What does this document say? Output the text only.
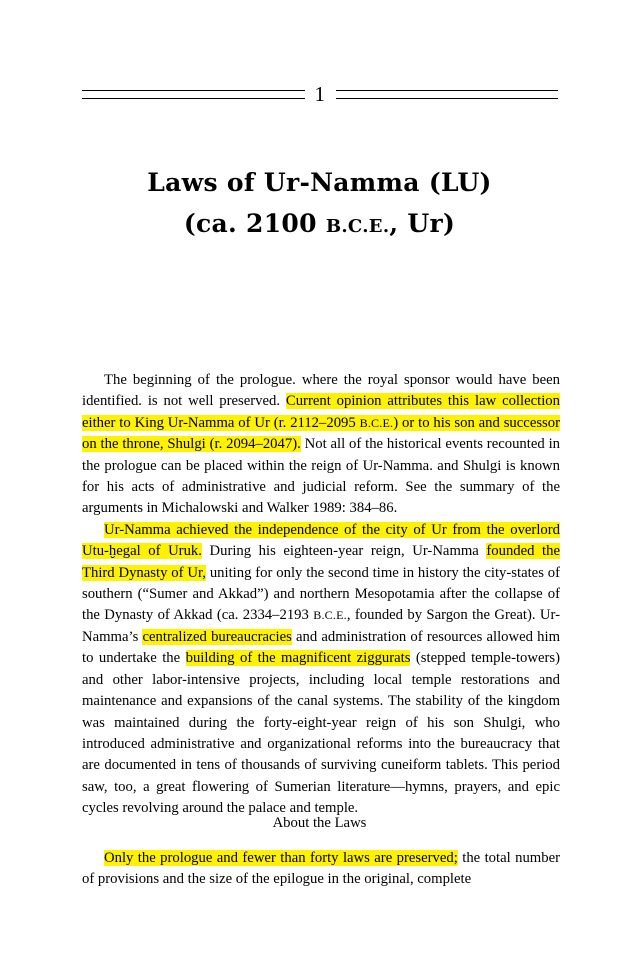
1
Laws of Ur-Namma (LU)
(ca. 2100 B.C.E., Ur)

The beginning of the prologue. where the royal sponsor would have been identified. is not well preserved. Current opinion attributes this law collection either to King Ur-Namma of Ur (r. 2112–2095 B.C.E.) or to his son and successor on the throne, Shulgi (r. 2094–2047). Not all of the historical events recounted in the prologue can be placed within the reign of Ur-Namma. and Shulgi is known for his acts of administrative and judicial reform. See the summary of the arguments in Michalowski and Walker 1989: 384–86.

Ur-Namma achieved the independence of the city of Ur from the overlord Utu-ḫegal of Uruk. During his eighteen-year reign, Ur-Namma founded the Third Dynasty of Ur, uniting for only the second time in history the city-states of southern (“Sumer and Akkad”) and northern Mesopotamia after the collapse of the Dynasty of Akkad (ca. 2334–2193 B.C.E., founded by Sargon the Great). Ur-Namma’s centralized bureaucracies and administration of resources allowed him to undertake the building of the magnificent ziggurats (stepped temple-towers) and other labor-intensive projects, including local temple restorations and maintenance and expansions of the canal systems. The stability of the kingdom was maintained during the forty-eight-year reign of his son Shulgi, who introduced administrative and organizational reforms into the bureaucracy that are documented in tens of thousands of surviving cuneiform tablets. This period saw, too, a great flowering of Sumerian literature—hymns, prayers, and epic cycles revolving around the palace and temple.

About the Laws

Only the prologue and fewer than forty laws are preserved; the total number of provisions and the size of the epilogue in the original, complete
